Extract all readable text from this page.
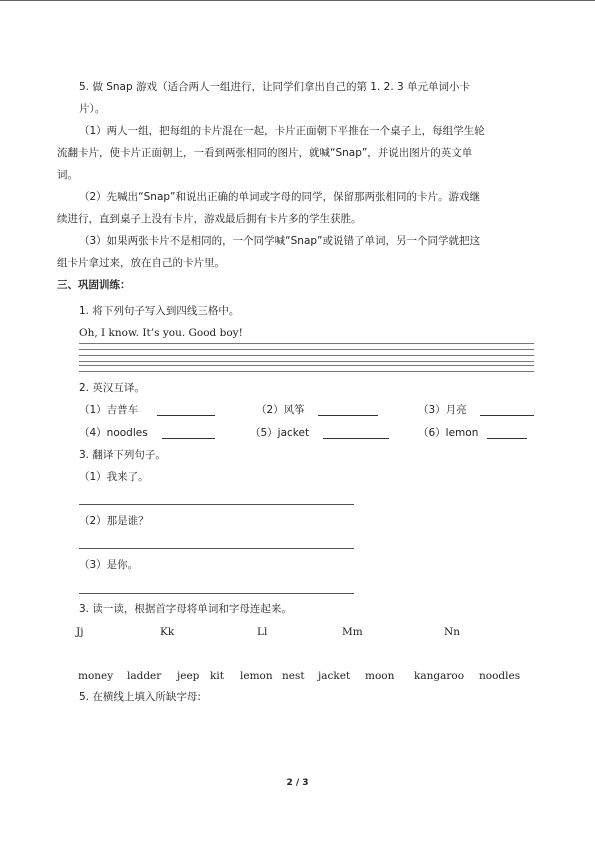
5. 做 Snap 游戏（适合两人一组进行，让同学们拿出自己的第 1. 2. 3 单元单词小卡
片）。
（1）两人一组，把每组的卡片混在一起，卡片正面朝下平推在一个桌子上，每组学生轮
流翻卡片，使卡片正面朝上，一看到两张相同的图片，就喊“Snap”，并说出图片的英文单
词。
（2）先喊出“Snap”和说出正确的单词或字母的同学，保留那两张相同的卡片。游戏继
续进行，直到桌子上没有卡片，游戏最后拥有卡片多的学生获胜。
（3）如果两张卡片不是相同的，一个同学喊“Snap”或说错了单词，另一个同学就把这
组卡片拿过来，放在自己的卡片里。
三、巩固训练：
1. 将下列句子写入到四线三格中。
Oh, I know. It’s you. Good boy!
2. 英汉互译。
（1）吉普车	（2）风筝	（3）月亮
（4）noodles	（5）jacket	（6）lemon
3. 翻译下列句子。
（1）我来了。
（2）那是谁？
（3）是你。
3. 读一读，根据首字母将单词和字母连起来。
Jj	Kk	Ll	Mm	Nn
money ladder jeep kit lemon nest jacket moon kangaroo noodles
5. 在横线上填入所缺字母:
2 / 3
